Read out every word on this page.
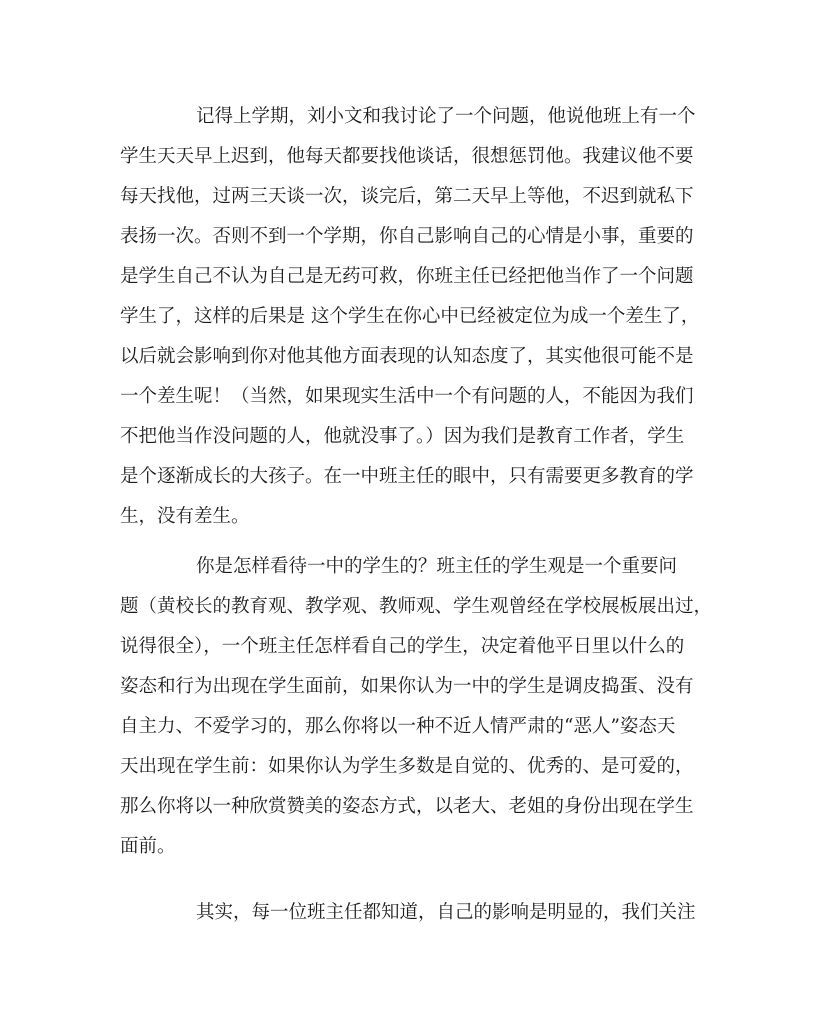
记得上学期，刘小文和我讨论了一个问题，他说他班上有一个
学生天天早上迟到，他每天都要找他谈话，很想惩罚他。我建议他不要
每天找他，过两三天谈一次，谈完后，第二天早上等他，不迟到就私下
表扬一次。否则不到一个学期，你自己影响自己的心情是小事，重要的
是学生自己不认为自己是无药可救，你班主任已经把他当作了一个问题
学生了，这样的后果是 这个学生在你心中已经被定位为成一个差生了，
以后就会影响到你对他其他方面表现的认知态度了，其实他很可能不是
一个差生呢！（当然，如果现实生活中一个有问题的人，不能因为我们
不把他当作没问题的人，他就没事了。）因为我们是教育工作者，学生
是个逐渐成长的大孩子。在一中班主任的眼中，只有需要更多教育的学
生，没有差生。
你是怎样看待一中的学生的？班主任的学生观是一个重要问
题（黄校长的教育观、教学观、教师观、学生观曾经在学校展板展出过，
说得很全），一个班主任怎样看自己的学生，决定着他平日里以什么的
姿态和行为出现在学生面前，如果你认为一中的学生是调皮捣蛋、没有
自主力、不爱学习的，那么你将以一种不近人情严肃的“恶人”姿态天
天出现在学生前：如果你认为学生多数是自觉的、优秀的、是可爱的，
那么你将以一种欣赏赞美的姿态方式，以老大、老姐的身份出现在学生
面前。
其实，每一位班主任都知道，自己的影响是明显的，我们关注
